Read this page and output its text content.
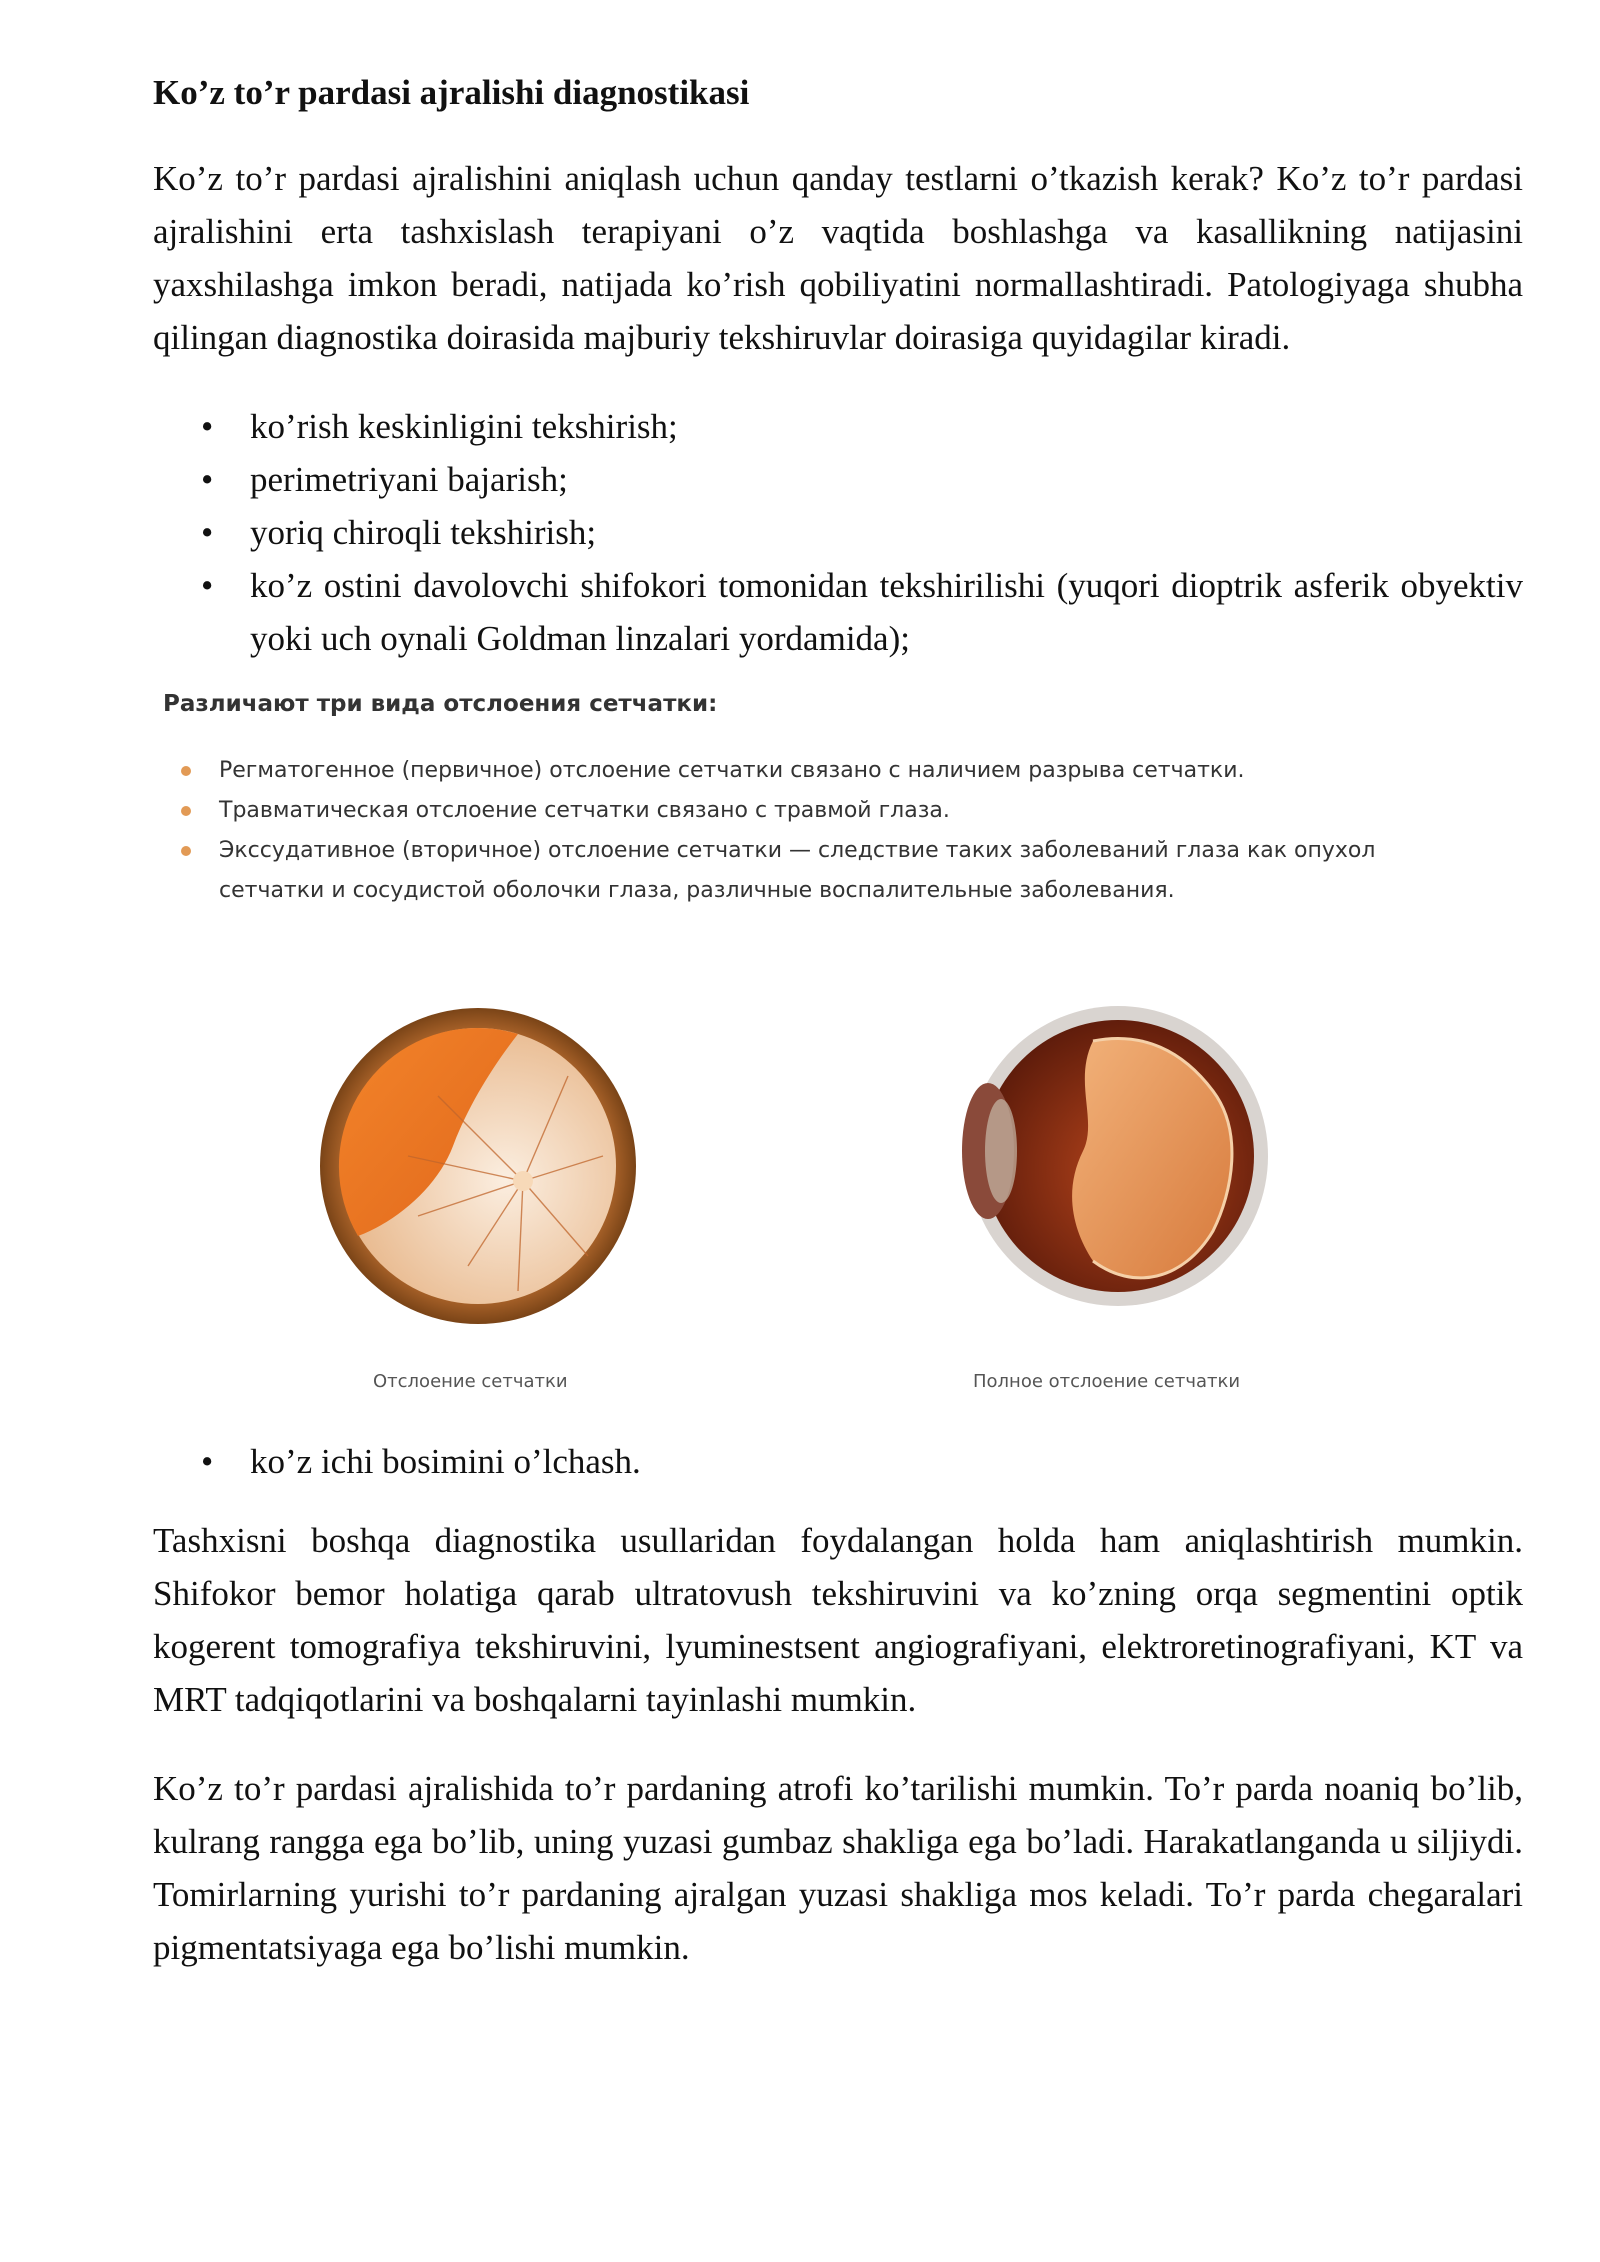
Ko’z to’r pardasi ajralishi diagnostikasi

Ko’z to’r pardasi ajralishini aniqlash uchun qanday testlarni o’tkazish kerak? Ko’z to’r pardasi ajralishini erta tashxislash terapiyani o’z vaqtida boshlashga va kasallikning natijasini yaxshilashga imkon beradi, natijada ko’rish qobiliyatini normallashtiradi. Patologiyaga shubha qilingan diagnostika doirasida majburiy tekshiruvlar doirasiga quyidagilar kiradi.

• ko’rish keskinligini tekshirish;
• perimetriyani bajarish;
• yoriq chiroqli tekshirish;
• ko’z ostini davolovchi shifokori tomonidan tekshirilishi (yuqori dioptrik asferik obyektiv yoki uch oynali Goldman linzalari yordamida);
Различают три вида отслоения сетчатки:
Регматогенное (первичное) отслоение сетчатки связано с наличием разрыва сетчатки.
Травматическая отслоение сетчатки связано с травмой глаза.
Экссудативное (вторичное) отслоение сетчатки — следствие таких заболеваний глаза как опухол сетчатки и сосудистой оболочки глаза, различные воспалительные заболевания.
Отслоение сетчатки	Полное отслоение сетчатки
• ko’z ichi bosimini o’lchash.

Tashxisni boshqa diagnostika usullaridan foydalangan holda ham aniqlashtirish mumkin. Shifokor bemor holatiga qarab ultratovush tekshiruvini va ko’zning orqa segmentini optik kogerent tomografiya tekshiruvini, lyuminestsent angiografiyani, elektroretinografiyani, KT va MRT tadqiqotlarini va boshqalarni tayinlashi mumkin.

Ko’z to’r pardasi ajralishida to’r pardaning atrofi ko’tarilishi mumkin. To’r parda noaniq bo’lib, kulrang rangga ega bo’lib, uning yuzasi gumbaz shakliga ega bo’ladi. Harakatlanganda u siljiydi. Tomirlarning yurishi to’r pardaning ajralgan yuzasi shakliga mos keladi. To’r parda chegaralari pigmentatsiyaga ega bo’lishi mumkin.
